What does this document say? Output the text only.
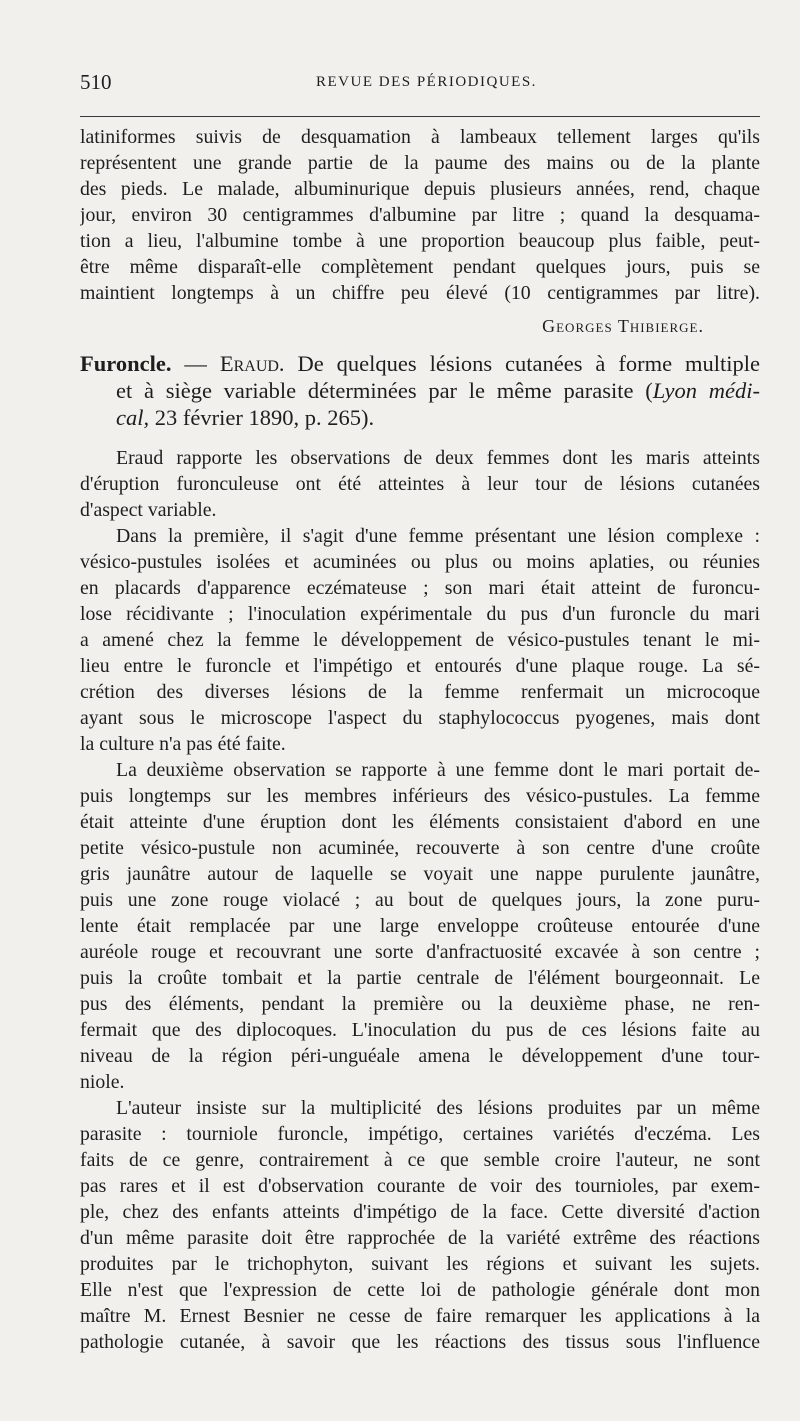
510	REVUE DES PÉRIODIQUES.
latiniformes suivis de desquamation à lambeaux tellement larges qu'ils
représentent une grande partie de la paume des mains ou de la plante
des pieds. Le malade, albuminurique depuis plusieurs années, rend, chaque
jour, environ 30 centigrammes d'albumine par litre ; quand la desquama-
tion a lieu, l'albumine tombe à une proportion beaucoup plus faible, peut-
être même disparaît-elle complètement pendant quelques jours, puis se
maintient longtemps à un chiffre peu élevé (10 centigrammes par litre).
Georges Thibierge.
Furoncle. — Eraud. De quelques lésions cutanées à forme multiple
et à siège variable déterminées par le même parasite (Lyon médi-
cal, 23 février 1890, p. 265).
Eraud rapporte les observations de deux femmes dont les maris atteints
d'éruption furonculeuse ont été atteintes à leur tour de lésions cutanées
d'aspect variable.
Dans la première, il s'agit d'une femme présentant une lésion complexe :
vésico-pustules isolées et acuminées ou plus ou moins aplaties, ou réunies
en placards d'apparence eczémateuse ; son mari était atteint de furoncu-
lose récidivante ; l'inoculation expérimentale du pus d'un furoncle du mari
a amené chez la femme le développement de vésico-pustules tenant le mi-
lieu entre le furoncle et l'impétigo et entourés d'une plaque rouge. La sé-
crétion des diverses lésions de la femme renfermait un microcoque
ayant sous le microscope l'aspect du staphylococcus pyogenes, mais dont
la culture n'a pas été faite.
La deuxième observation se rapporte à une femme dont le mari portait de-
puis longtemps sur les membres inférieurs des vésico-pustules. La femme
était atteinte d'une éruption dont les éléments consistaient d'abord en une
petite vésico-pustule non acuminée, recouverte à son centre d'une croûte
gris jaunâtre autour de laquelle se voyait une nappe purulente jaunâtre,
puis une zone rouge violacé ; au bout de quelques jours, la zone puru-
lente était remplacée par une large enveloppe croûteuse entourée d'une
auréole rouge et recouvrant une sorte d'anfractuosité excavée à son centre ;
puis la croûte tombait et la partie centrale de l'élément bourgeonnait. Le
pus des éléments, pendant la première ou la deuxième phase, ne ren-
fermait que des diplocoques. L'inoculation du pus de ces lésions faite au
niveau de la région péri-unguéale amena le développement d'une tour-
niole.
L'auteur insiste sur la multiplicité des lésions produites par un même
parasite : tourniole furoncle, impétigo, certaines variétés d'eczéma. Les
faits de ce genre, contrairement à ce que semble croire l'auteur, ne sont
pas rares et il est d'observation courante de voir des tournioles, par exem-
ple, chez des enfants atteints d'impétigo de la face. Cette diversité d'action
d'un même parasite doit être rapprochée de la variété extrême des réactions
produites par le trichophyton, suivant les régions et suivant les sujets.
Elle n'est que l'expression de cette loi de pathologie générale dont mon
maître M. Ernest Besnier ne cesse de faire remarquer les applications à la
pathologie cutanée, à savoir que les réactions des tissus sous l'influence
